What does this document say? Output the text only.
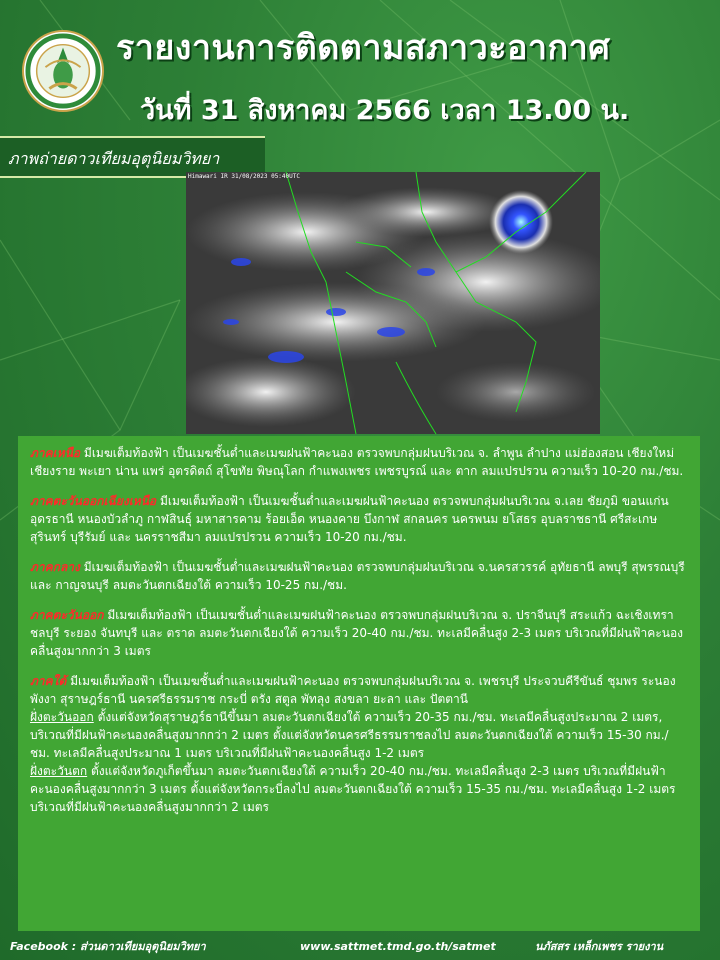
รายงานการติดตามสภาวะอากาศ
วันที่ 31 สิงหาคม 2566 เวลา 13.00 น.
ภาพถ่ายดาวเทียมอุตุนิยมวิทยา
Himawari IR 31/08/2023 05:40UTC

ภาคเหนือ มีเมฆเต็มท้องฟ้า เป็นเมฆชั้นต่ำและเมฆฝนฟ้าคะนอง ตรวจพบกลุ่มฝนบริเวณ จ. ลำพูน ลำปาง แม่ฮ่องสอน เชียงใหม่ เชียงราย พะเยา น่าน แพร่ อุตรดิตถ์ สุโขทัย พิษณุโลก กำแพงเพชร เพชรบูรณ์ และ ตาก ลมแปรปรวน ความเร็ว 10-20 กม./ชม.

ภาคตะวันออกเฉียงเหนือ มีเมฆเต็มท้องฟ้า เป็นเมฆชั้นต่ำและเมฆฝนฟ้าคะนอง ตรวจพบกลุ่มฝนบริเวณ จ.เลย ชัยภูมิ ขอนแก่น อุดรธานี หนองบัวลำภู กาฬสินธุ์ มหาสารคาม ร้อยเอ็ด หนองคาย บึงกาฬ สกลนคร นครพนม ยโสธร อุบลราชธานี ศรีสะเกษ สุรินทร์ บุรีรัมย์ และ นครราชสีมา ลมแปรปรวน ความเร็ว 10-20 กม./ชม.

ภาคกลาง มีเมฆเต็มท้องฟ้า เป็นเมฆชั้นต่ำและเมฆฝนฟ้าคะนอง ตรวจพบกลุ่มฝนบริเวณ จ.นครสวรรค์ อุทัยธานี ลพบุรี สุพรรณบุรี และ กาญจนบุรี ลมตะวันตกเฉียงใต้ ความเร็ว 10-25 กม./ชม.

ภาคตะวันออก มีเมฆเต็มท้องฟ้า เป็นเมฆชั้นต่ำและเมฆฝนฟ้าคะนอง ตรวจพบกลุ่มฝนบริเวณ จ. ปราจีนบุรี สระแก้ว ฉะเชิงเทรา ชลบุรี ระยอง จันทบุรี และ ตราด ลมตะวันตกเฉียงใต้ ความเร็ว 20-40 กม./ชม. ทะเลมีคลื่นสูง 2-3 เมตร บริเวณที่มีฝนฟ้าคะนองคลื่นสูงมากกว่า 3 เมตร

ภาคใต้ มีเมฆเต็มท้องฟ้า เป็นเมฆชั้นต่ำและเมฆฝนฟ้าคะนอง ตรวจพบกลุ่มฝนบริเวณ จ. เพชรบุรี ประจวบคีรีขันธ์ ชุมพร ระนอง พังงา สุราษฎร์ธานี นครศรีธรรมราช กระบี่ ตรัง สตูล พัทลุง สงขลา ยะลา และ ปัตตานี
ฝั่งตะวันออก ตั้งแต่จังหวัดสุราษฎร์ธานีขึ้นมา ลมตะวันตกเฉียงใต้ ความเร็ว 20-35 กม./ชม. ทะเลมีคลื่นสูงประมาณ 2 เมตร, บริเวณที่มีฝนฟ้าคะนองคลื่นสูงมากกว่า 2 เมตร ตั้งแต่จังหวัดนครศรีธรรมราชลงไป ลมตะวันตกเฉียงใต้ ความเร็ว 15-30 กม./ชม. ทะเลมีคลื่นสูงประมาณ 1 เมตร บริเวณที่มีฝนฟ้าคะนองคลื่นสูง 1-2 เมตร
ฝั่งตะวันตก ตั้งแต่จังหวัดภูเก็ตขึ้นมา ลมตะวันตกเฉียงใต้ ความเร็ว 20-40 กม./ชม. ทะเลมีคลื่นสูง 2-3 เมตร บริเวณที่มีฝนฟ้าคะนองคลื่นสูงมากกว่า 3 เมตร ตั้งแต่จังหวัดกระบี่ลงไป ลมตะวันตกเฉียงใต้ ความเร็ว 15-35 กม./ชม. ทะเลมีคลื่นสูง 1-2 เมตร บริเวณที่มีฝนฟ้าคะนองคลื่นสูงมากกว่า 2 เมตร
Facebook : ส่วนดาวเทียมอุตุนิยมวิทยา	www.sattmet.tmd.go.th/satmet	นภัสสร เหล็กเพชร รายงาน
